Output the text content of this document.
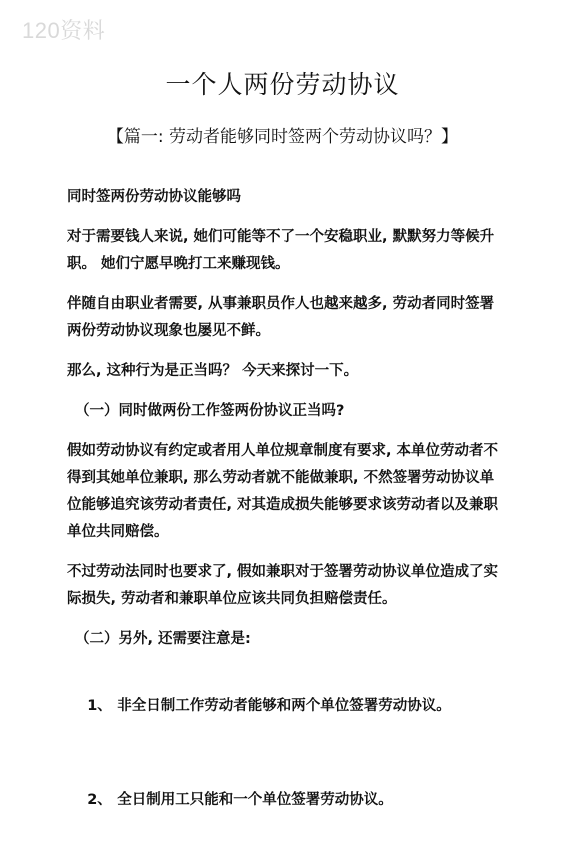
120资料
一个人两份劳动协议
【篇一: 劳动者能够同时签两个劳动协议吗？】

同时签两份劳动协议能够吗

对于需要钱人来说, 她们可能等不了一个安稳职业, 默默努力等候升职。 她们宁愿早晚打工来赚现钱。

伴随自由职业者需要, 从事兼职员作人也越来越多, 劳动者同时签署两份劳动协议现象也屡见不鲜。

那么, 这种行为是正当吗？ 今天来探讨一下。

（一）同时做两份工作签两份协议正当吗?

假如劳动协议有约定或者用人单位规章制度有要求, 本单位劳动者不得到其她单位兼职, 那么劳动者就不能做兼职, 不然签署劳动协议单位能够追究该劳动者责任, 对其造成损失能够要求该劳动者以及兼职单位共同赔偿。

不过劳动法同时也要求了, 假如兼职对于签署劳动协议单位造成了实际损失, 劳动者和兼职单位应该共同负担赔偿责任。

（二）另外, 还需要注意是:

1、 非全日制工作劳动者能够和两个单位签署劳动协议。

2、 全日制用工只能和一个单位签署劳动协议。
